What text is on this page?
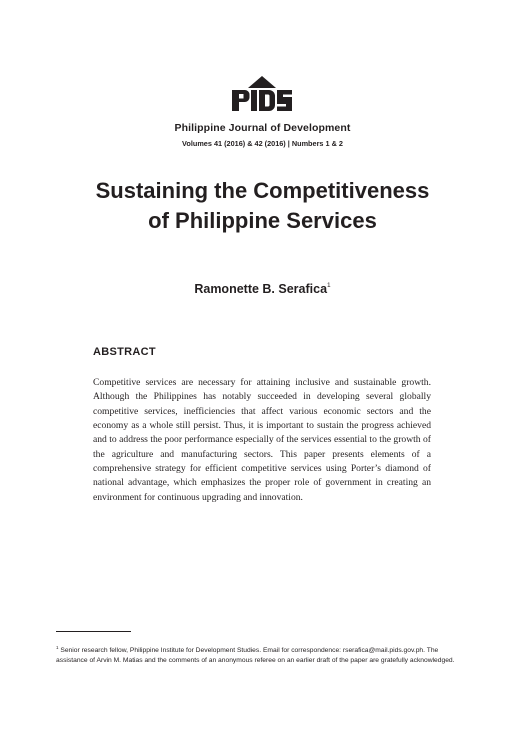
Philippine Journal of Development
Volumes 41 (2016) & 42 (2016) | Numbers 1 & 2
Sustaining the Competitiveness
of Philippine Services
Ramonette B. Serafica$^1$
ABSTRACT

Competitive services are necessary for attaining inclusive and sustainable growth. Although the Philippines has notably succeeded in developing several globally competitive services, inefficiencies that affect various economic sectors and the economy as a whole still persist. Thus, it is important to sustain the progress achieved and to address the poor performance especially of the services essential to the growth of the agriculture and manufacturing sectors. This paper presents elements of a comprehensive strategy for efficient competitive services using Porter’s diamond of national advantage, which emphasizes the proper role of government in creating an environment for continuous upgrading and innovation.

$^1$ Senior research fellow, Philippine Institute for Development Studies. Email for correspondence: rserafica@mail.pids.gov.ph. The assistance of Arvin M. Matias and the comments of an anonymous referee on an earlier draft of the paper are gratefully acknowledged.
